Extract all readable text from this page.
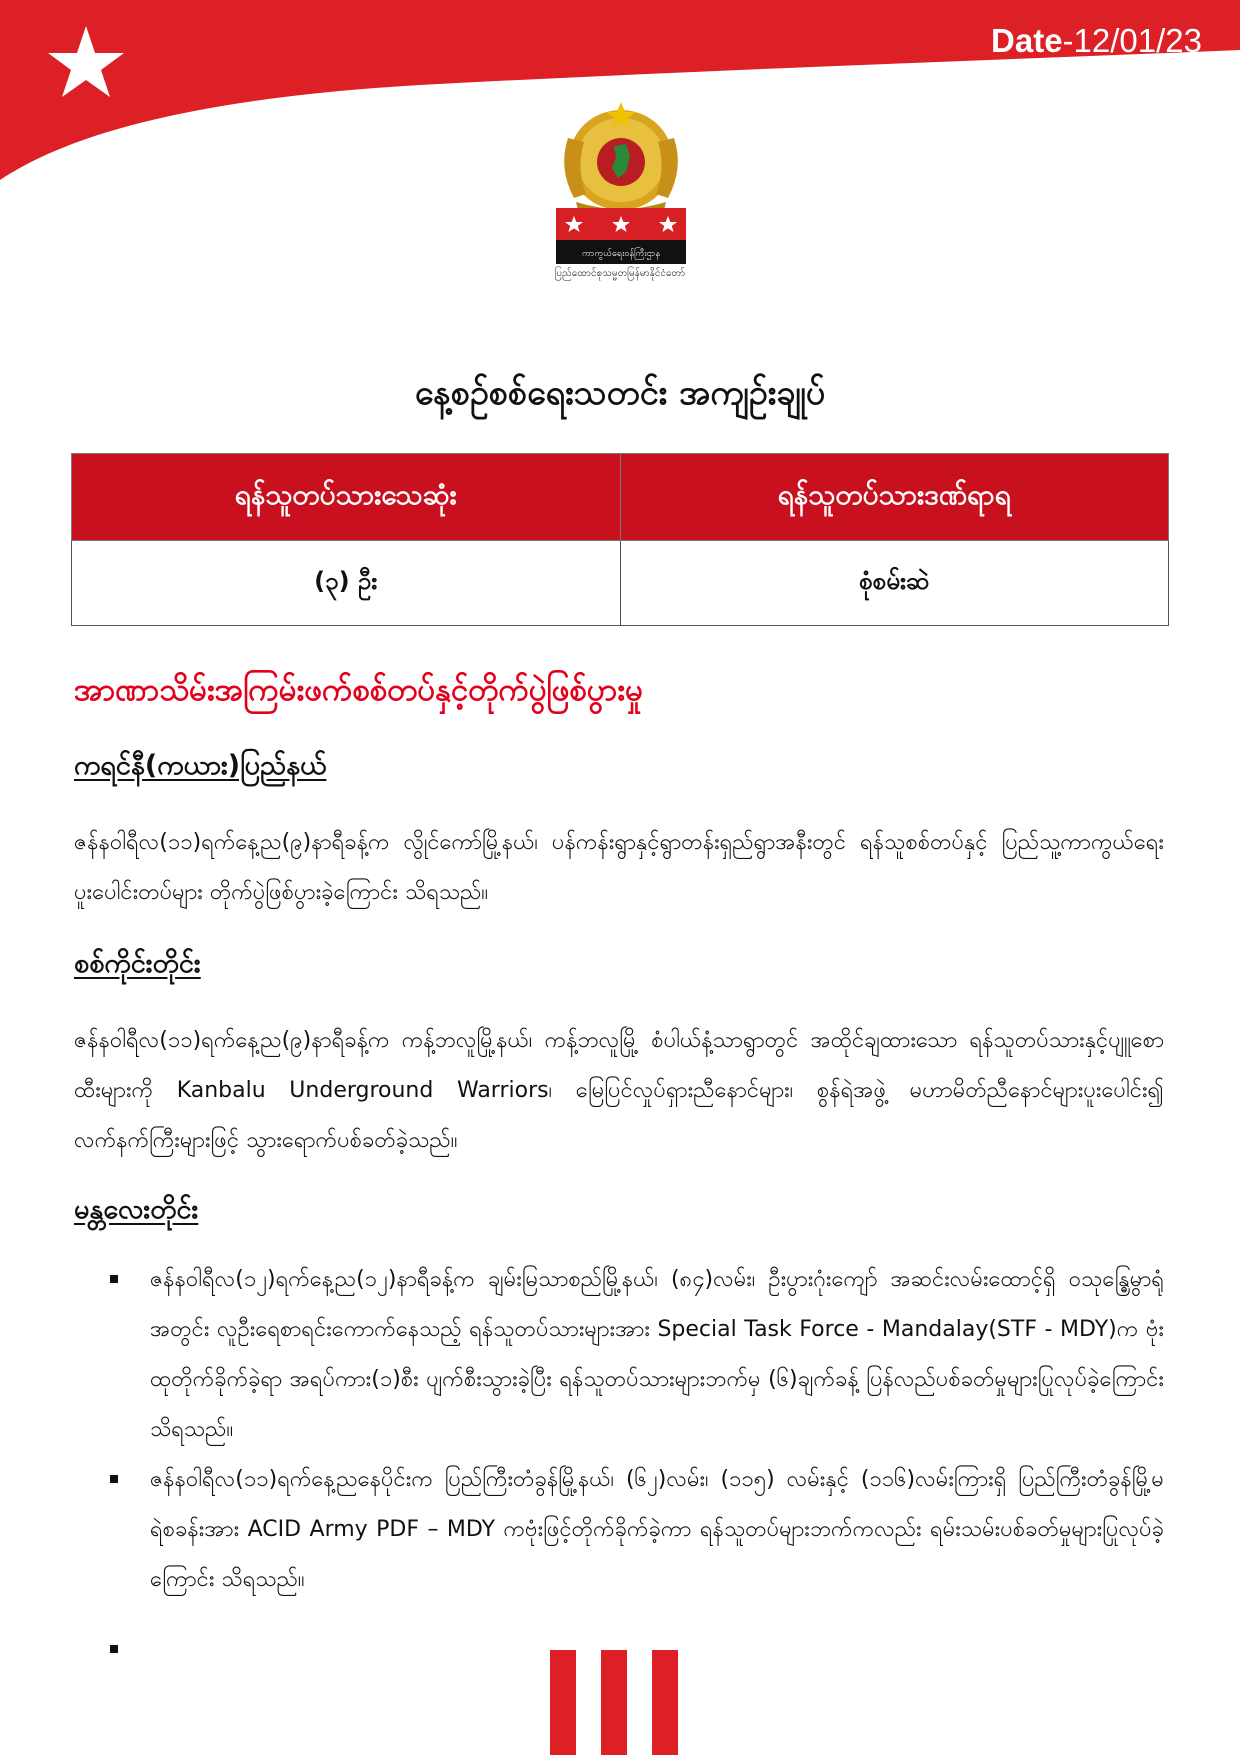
Date-12/01/23
ကာကွယ်ရေးဝန်ကြီးဌာန
ပြည်ထောင်စုသမ္မတမြန်မာနိုင်ငံတော်
နေ့စဉ်စစ်ရေးသတင်း အကျဉ်းချုပ်
ရန်သူတပ်သားသေဆုံး	ရန်သူတပ်သားဒဏ်ရာရ
(၃) ဦး	စုံစမ်းဆဲ
အာဏာသိမ်းအကြမ်းဖက်စစ်တပ်နှင့်တိုက်ပွဲဖြစ်ပွားမှု
ကရင်နီ(ကယား)ပြည်နယ်

ဇန်နဝါရီလ(၁၁)ရက်နေ့ည(၉)နာရီခန့်က လွိုင်ကော်မြို့နယ်၊ ပန်ကန်းရွာနှင့်ရွာတန်းရှည်ရွာအနီးတွင် ရန်သူစစ်တပ်နှင့် ပြည်သူ့ကာကွယ်ရေးပူးပေါင်းတပ်များ တိုက်ပွဲဖြစ်ပွားခဲ့ကြောင်း သိရသည်။

စစ်ကိုင်းတိုင်း

ဇန်နဝါရီလ(၁၁)ရက်နေ့ည(၉)နာရီခန့်က ကန့်ဘလူမြို့နယ်၊ ကန့်ဘလူမြို့ စံပါယ်နံ့သာရွာတွင် အထိုင်ချထားသော ရန်သူတပ်သားနှင့်ပျူစောထီးများကို Kanbalu Underground Warriors၊ မြေပြင်လှုပ်ရှားညီနောင်များ၊ စွန်ရဲအဖွဲ့ မဟာမိတ်ညီနောင်များပူးပေါင်း၍ လက်နက်ကြီးများဖြင့် သွားရောက်ပစ်ခတ်ခဲ့သည်။

မန္တလေးတိုင်း
ဇန်နဝါရီလ(၁၂)ရက်နေ့ည(၁၂)နာရီခန့်က ချမ်းမြသာစည်မြို့နယ်၊ (၈၄)လမ်း၊ ဦးပွားဂုံးကျော် အဆင်းလမ်းထောင့်ရှိ ဝသုန္ဓြေမွာရုံအတွင်း လူဦးရေစာရင်းကောက်နေသည့် ရန်သူတပ်သားများအား Special Task Force - Mandalay(STF - MDY)က ဗုံးထုတိုက်ခိုက်ခဲ့ရာ အရပ်ကား(၁)စီး ပျက်စီးသွားခဲ့ပြီး ရန်သူတပ်သားများဘက်မှ (၆)ချက်ခန့် ပြန်လည်ပစ်ခတ်မှုများပြုလုပ်ခဲ့ကြောင်း သိရသည်။
ဇန်နဝါရီလ(၁၁)ရက်နေ့ညနေပိုင်းက ပြည်ကြီးတံခွန်မြို့နယ်၊ (၆၂)လမ်း၊ (၁၁၅) လမ်းနှင့် (၁၁၆)လမ်းကြားရှိ ပြည်ကြီးတံခွန်မြို့မရဲစခန်းအား ACID Army PDF – MDY ကဗုံးဖြင့်တိုက်ခိုက်ခဲ့ကာ ရန်သူတပ်များဘက်ကလည်း ရမ်းသမ်းပစ်ခတ်မှုများပြုလုပ်ခဲ့ကြောင်း သိရသည်။
